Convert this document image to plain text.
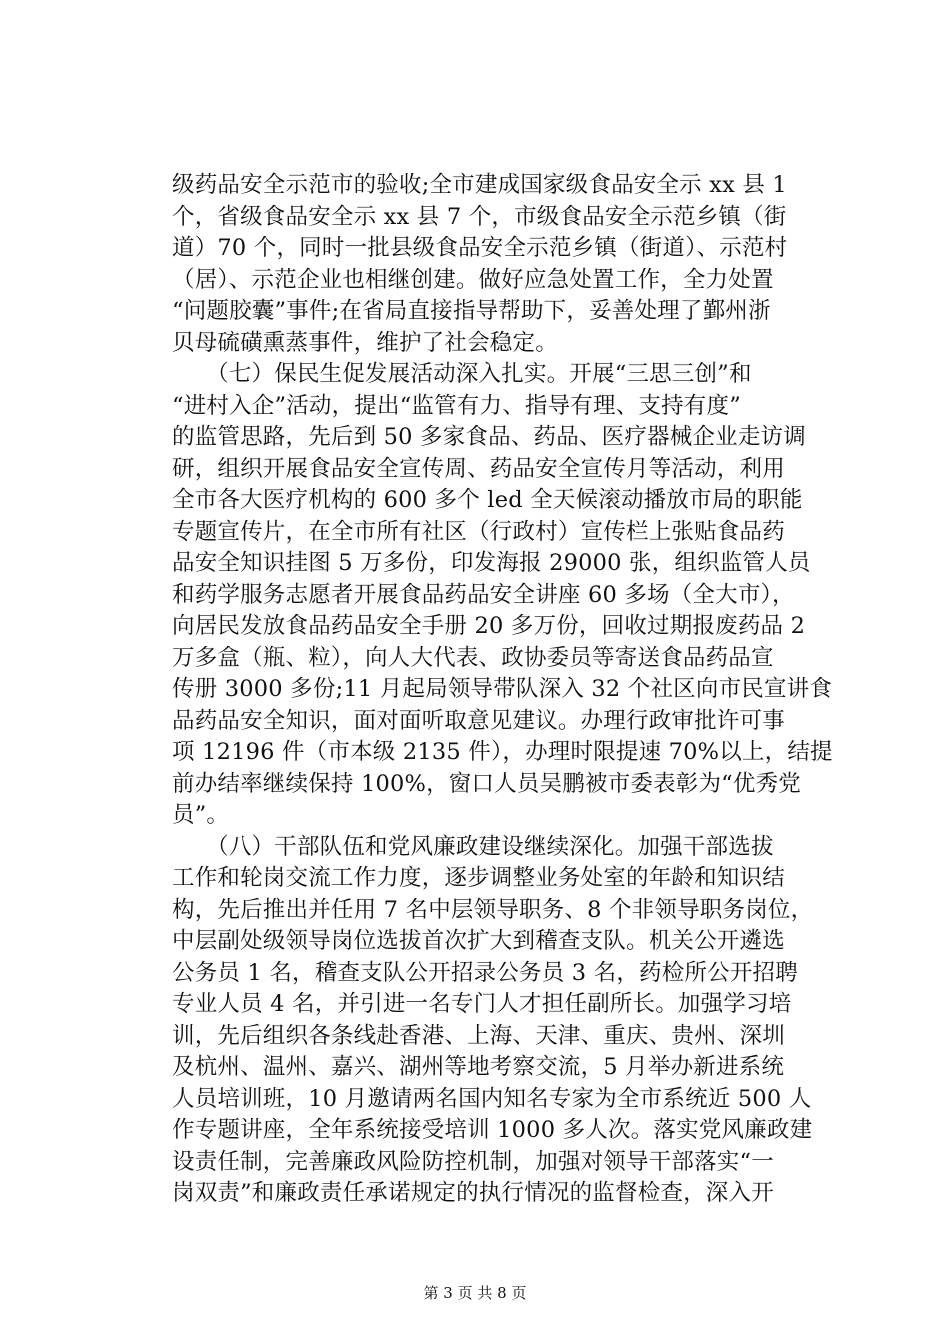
级药品安全示范市的验收;全市建成国家级食品安全示 xx 县 1
个，省级食品安全示 xx 县 7 个，市级食品安全示范乡镇（街
道）70 个，同时一批县级食品安全示范乡镇（街道）、示范村
（居）、示范企业也相继创建。做好应急处置工作，全力处置
“问题胶囊”事件;在省局直接指导帮助下，妥善处理了鄞州浙
贝母硫磺熏蒸事件，维护了社会稳定。
　　（七）保民生促发展活动深入扎实。开展“三思三创”和
“进村入企”活动，提出“监管有力、指导有理、支持有度”
的监管思路，先后到 50 多家食品、药品、医疗器械企业走访调
研，组织开展食品安全宣传周、药品安全宣传月等活动，利用
全市各大医疗机构的 600 多个 led 全天候滚动播放市局的职能
专题宣传片，在全市所有社区（行政村）宣传栏上张贴食品药
品安全知识挂图 5 万多份，印发海报 29000 张，组织监管人员
和药学服务志愿者开展食品药品安全讲座 60 多场（全大市），
向居民发放食品药品安全手册 20 多万份，回收过期报废药品 2
万多盒（瓶、粒），向人大代表、政协委员等寄送食品药品宣
传册 3000 多份;11 月起局领导带队深入 32 个社区向市民宣讲食
品药品安全知识，面对面听取意见建议。办理行政审批许可事
项 12196 件（市本级 2135 件），办理时限提速 70%以上，结提
前办结率继续保持 100%，窗口人员吴鹏被市委表彰为“优秀党
员”。
　　（八）干部队伍和党风廉政建设继续深化。加强干部选拔
工作和轮岗交流工作力度，逐步调整业务处室的年龄和知识结
构，先后推出并任用 7 名中层领导职务、8 个非领导职务岗位，
中层副处级领导岗位选拔首次扩大到稽查支队。机关公开遴选
公务员 1 名，稽查支队公开招录公务员 3 名，药检所公开招聘
专业人员 4 名，并引进一名专门人才担任副所长。加强学习培
训，先后组织各条线赴香港、上海、天津、重庆、贵州、深圳
及杭州、温州、嘉兴、湖州等地考察交流，5 月举办新进系统
人员培训班，10 月邀请两名国内知名专家为全市系统近 500 人
作专题讲座，全年系统接受培训 1000 多人次。落实党风廉政建
设责任制，完善廉政风险防控机制，加强对领导干部落实“一
岗双责”和廉政责任承诺规定的执行情况的监督检查，深入开
第 3 页 共 8 页
